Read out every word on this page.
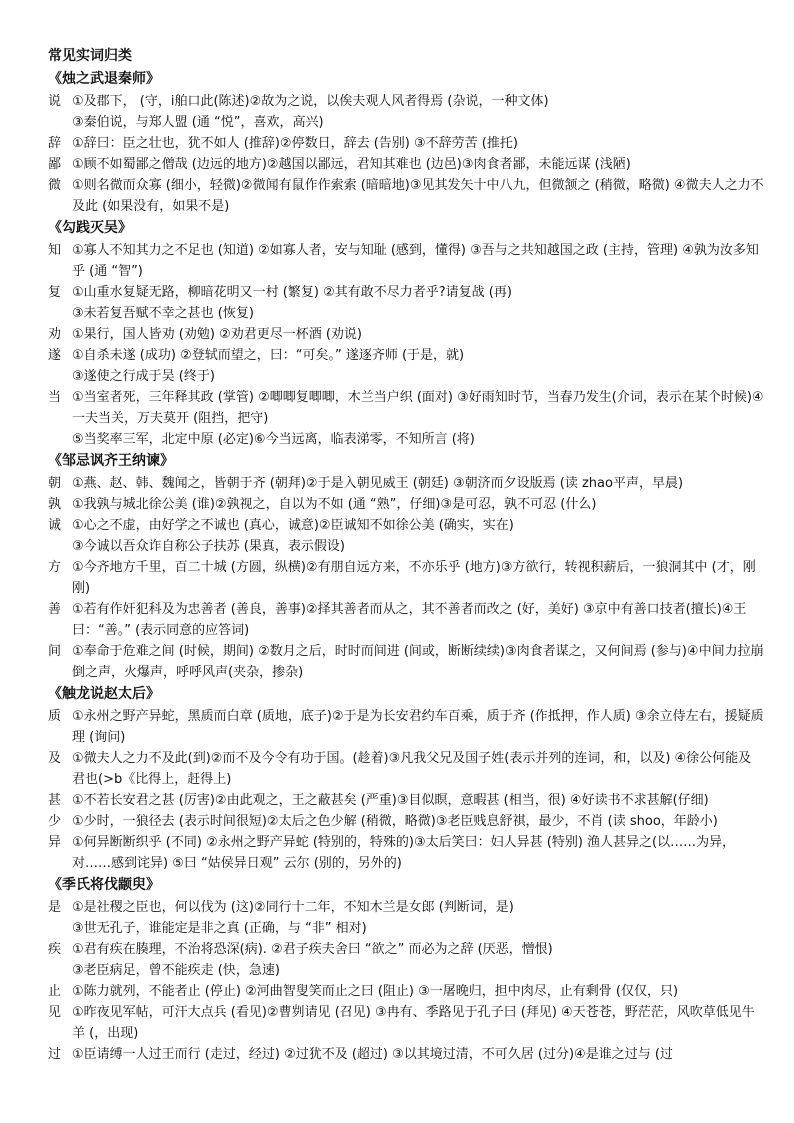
常见实词归类
《烛之武退秦师》
说 ①及郡下， (守，i舶口此(陈述)②故为之说，以俟夫观人风者得焉 (杂说，一种文体)
③秦伯说，与郑人盟 (通 “悦”，喜欢，高兴)
辞 ①辞曰：臣之壮也，犹不如人 (推辞)②停数日，辞去 (告别) ③不辞劳苦 (推托)
鄙 ①顾不如蜀鄙之僧哉 (边远的地方)②越国以鄙远，君知其难也 (边邑)③肉食者鄙，未能远谋 (浅陋)
微 ①则名微而众寡 (细小，轻微)②微闻有鼠作作索索 (暗暗地)③见其发矢十中八九，但微颔之 (稍微，略微) ④微夫人之力不及此 (如果没有，如果不是)
《勾践灭吴》
知 ①寡人不知其力之不足也 (知道) ②如寡人者，安与知耻 (感到，懂得) ③吾与之共知越国之政 (主持，管理) ④孰为汝多知乎 (通 “智”)
复 ①山重水复疑无路，柳暗花明又一村 (繁复) ②其有敢不尽力者乎?请复战 (再)
③未若复吾赋不幸之甚也 (恢复)
劝 ①果行，国人皆劝 (劝勉) ②劝君更尽一杯酒 (劝说)
遂 ①自杀未遂 (成功) ②登轼而望之，曰：“可矣。” 遂逐齐师 (于是，就)
③遂使之行成于吴 (终于)
当 ①当室者死，三年释其政 (掌管) ②唧唧复唧唧，木兰当户织 (面对) ③好雨知时节，当春乃发生(介词，表示在某个时候)④一夫当关，万夫莫开 (阻挡，把守)
⑤当奖率三军，北定中原 (必定)⑥今当远离，临表涕零，不知所言 (将)
《邹忌讽齐王纳谏》
朝 ①燕、赵、韩、魏闻之，皆朝于齐 (朝拜)②于是入朝见威王 (朝廷) ③朝济而夕设版焉 (读 zhao平声，早晨)
孰 ①我孰与城北徐公美 (谁)②孰视之，自以为不如 (通 “熟”，仔细)③是可忍，孰不可忍 (什么)
诚 ①心之不虚，由好学之不诚也 (真心，诚意)②臣诚知不如徐公美 (确实，实在)
③今诚以吾众诈自称公子扶苏 (果真，表示假设)
方 ①今齐地方千里，百二十城 (方圆，纵横)②有朋自远方来，不亦乐乎 (地方)③方欲行，转视积薪后，一狼洞其中 (才，刚刚)
善 ①若有作奸犯科及为忠善者 (善良，善事)②择其善者而从之，其不善者而改之 (好，美好) ③京中有善口技者(擅长)④王曰：“善。” (表示同意的应答词)
间 ①奉命于危难之间 (时候，期间) ②数月之后，时时而间进 (间或，断断续续)③肉食者谋之，又何间焉 (参与)④中间力拉崩倒之声，火爆声，呼呼风声(夹杂，掺杂)
《触龙说赵太后》
质 ①永州之野产异蛇，黑质而白章 (质地，底子)②于是为长安君约车百乘，质于齐 (作抵押，作人质) ③余立侍左右，援疑质理 (询问)
及 ①微夫人之力不及此(到)②而不及今令有功于国。(趁着)③凡我父兄及国子姓(表示并列的连词，和，以及) ④徐公何能及君也(>b《比得上，赶得上)
甚 ①不若长安君之甚 (厉害)②由此观之，王之蔽甚矣 (严重)③目似瞑，意暇甚 (相当，很) ④好读书不求甚解(仔细)
少 ①少时，一狼径去 (表示时间很短)②太后之色少解 (稍微，略微)③老臣贱息舒祺，最少，不肖 (读 shoo，年龄小)
异 ①何异断断织乎 (不同) ②永州之野产异蛇 (特别的，特殊的)③太后笑曰：妇人异甚 (特别) 渔人甚异之(以……为异，对……感到诧异) ⑤曰 “姑侯异日观” 云尔 (别的，另外的)
《季氏将伐颛臾》
是 ①是社稷之臣也，何以伐为 (这)②同行十二年，不知木兰是女郎 (判断词，是)
③世无孔子，谁能定是非之真 (正确，与 “非” 相对)
疾 ①君有疾在腠理，不治将恐深(病). ②君子疾夫舍曰 “欲之” 而必为之辞 (厌恶，憎恨)
③老臣病足，曾不能疾走 (快，急速)
止 ①陈力就列，不能者止 (停止) ②河曲智叟笑而止之曰 (阻止) ③一屠晚归，担中肉尽，止有剩骨 (仅仅，只)
见 ①昨夜见军帖，可汗大点兵 (看见)②曹刿请见 (召见) ③冉有、季路见于孔子曰 (拜见) ④天苍苍，野茫茫，风吹草低见牛羊 (，出现)
过 ①臣请缚一人过王而行 (走过，经过) ②过犹不及 (超过) ③以其境过清，不可久居 (过分)④是谁之过与 (过
